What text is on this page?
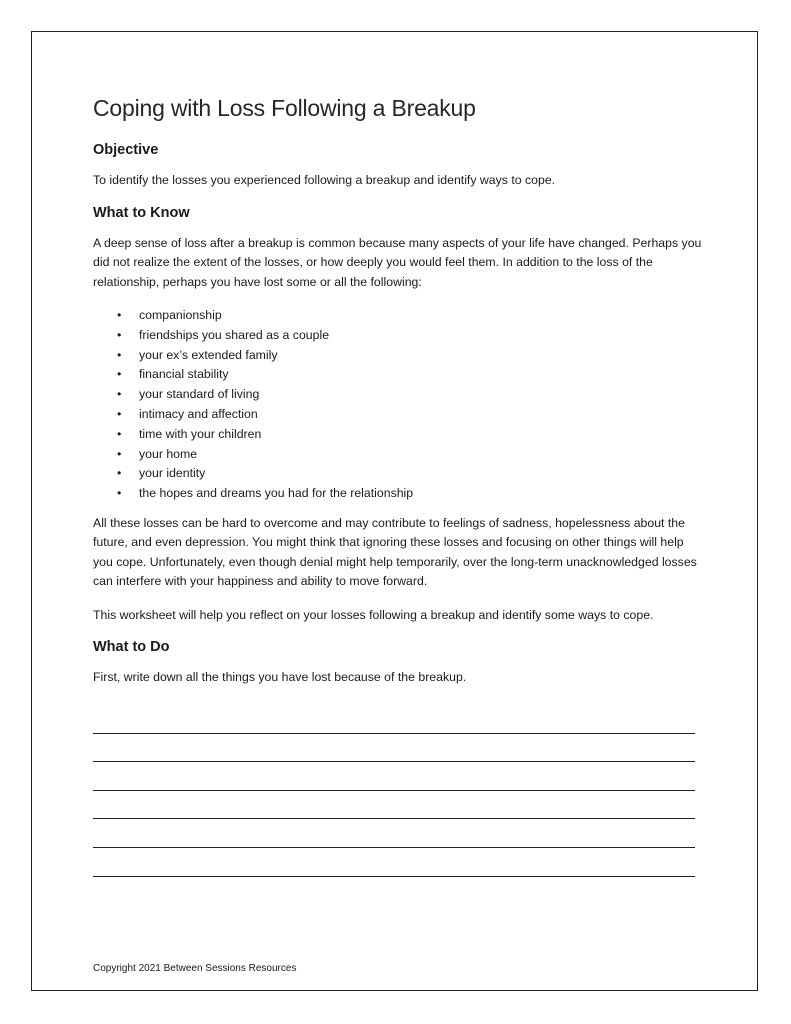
Coping with Loss Following a Breakup
Objective

To identify the losses you experienced following a breakup and identify ways to cope.

What to Know

A deep sense of loss after a breakup is common because many aspects of your life have changed. Perhaps you did not realize the extent of the losses, or how deeply you would feel them. In addition to the loss of the relationship, perhaps you have lost some or all the following:

• companionship
• friendships you shared as a couple
• your ex’s extended family
• financial stability
• your standard of living
• intimacy and affection
• time with your children
• your home
• your identity
• the hopes and dreams you had for the relationship

All these losses can be hard to overcome and may contribute to feelings of sadness, hopelessness about the future, and even depression. You might think that ignoring these losses and focusing on other things will help you cope. Unfortunately, even though denial might help temporarily, over the long-term unacknowledged losses can interfere with your happiness and ability to move forward.

This worksheet will help you reflect on your losses following a breakup and identify some ways to cope.

What to Do

First, write down all the things you have lost because of the breakup.

Copyright 2021 Between Sessions Resources
